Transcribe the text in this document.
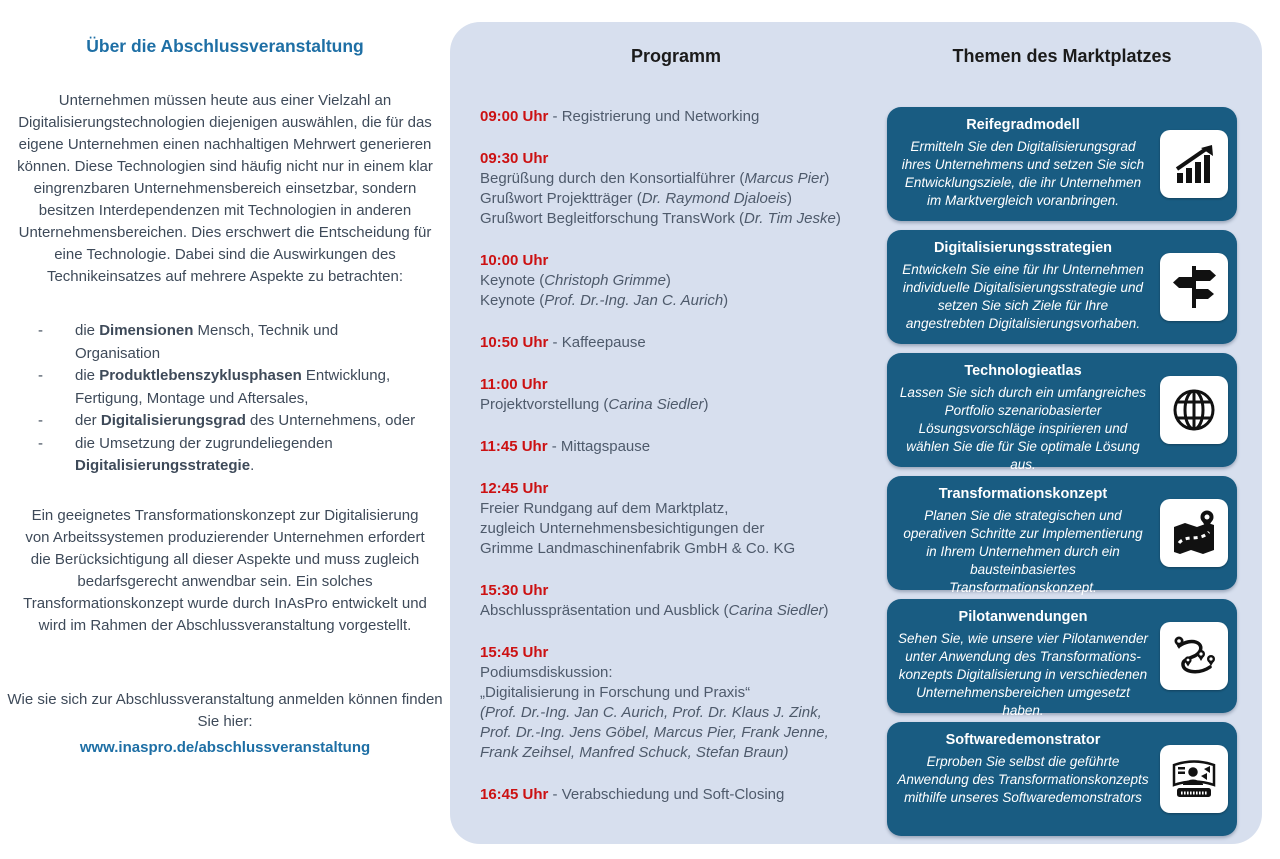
Über die Abschlussveranstaltung
Unternehmen müssen heute aus einer Vielzahl an Digitalisierungstechnologien diejenigen auswählen, die für das eigene Unternehmen einen nachhaltigen Mehrwert generieren können. Diese Technologien sind häufig nicht nur in einem klar eingrenzbaren Unternehmensbereich einsetzbar, sondern besitzen Interdependenzen mit Technologien in anderen Unternehmensbereichen. Dies erschwert die Entscheidung für eine Technologie. Dabei sind die Auswirkungen des Technikeinsatzes auf mehrere Aspekte zu betrachten:
-	die Dimensionen Mensch, Technik und Organisation
-	die Produktlebenszyklusphasen Entwicklung, Fertigung, Montage und Aftersales,
-	der Digitalisierungsgrad des Unternehmens, oder
-	die Umsetzung der zugrundeliegenden Digitalisierungsstrategie.
Ein geeignetes Transformationskonzept zur Digitalisierung von Arbeitssystemen produzierender Unternehmen erfordert die Berücksichtigung all dieser Aspekte und muss zugleich bedarfsgerecht anwendbar sein. Ein solches Transformationskonzept wurde durch InAsPro entwickelt und wird im Rahmen der Abschlussveranstaltung vorgestellt.
Wie sie sich zur Abschlussveranstaltung anmelden können finden Sie hier:
www.inaspro.de/abschlussveranstaltung
Programm
09:00 Uhr - Registrierung und Networking
09:30 Uhr
Begrüßung durch den Konsortialführer (Marcus Pier)
Grußwort Projektträger (Dr. Raymond Djaloeis)
Grußwort Begleitforschung TransWork (Dr. Tim Jeske)
10:00 Uhr
Keynote (Christoph Grimme)
Keynote (Prof. Dr.-Ing. Jan C. Aurich)
10:50 Uhr - Kaffeepause
11:00 Uhr
Projektvorstellung (Carina Siedler)
11:45 Uhr - Mittagspause
12:45 Uhr
Freier Rundgang auf dem Marktplatz,
zugleich Unternehmensbesichtigungen der
Grimme Landmaschinenfabrik GmbH & Co. KG
15:30 Uhr
Abschlusspräsentation und Ausblick (Carina Siedler)
15:45 Uhr
Podiumsdiskussion:
„Digitalisierung in Forschung und Praxis“
(Prof. Dr.-Ing. Jan C. Aurich, Prof. Dr. Klaus J. Zink,
Prof. Dr.-Ing. Jens Göbel, Marcus Pier, Frank Jenne,
Frank Zeihsel, Manfred Schuck, Stefan Braun)
16:45 Uhr - Verabschiedung und Soft-Closing
Themen des Marktplatzes
Reifegradmodell
Ermitteln Sie den Digitalisierungsgrad ihres Unternehmens und setzen Sie sich Entwicklungsziele, die ihr Unternehmen im Marktvergleich voranbringen.
Digitalisierungsstrategien
Entwickeln Sie eine für Ihr Unternehmen individuelle Digitalisierungsstrategie und setzen Sie sich Ziele für Ihre angestrebten Digitalisierungsvorhaben.
Technologieatlas
Lassen Sie sich durch ein umfangreiches Portfolio szenariobasierter Lösungsvorschläge inspirieren und wählen Sie die für Sie optimale Lösung aus.
Transformationskonzept
Planen Sie die strategischen und operativen Schritte zur Implementierung in Ihrem Unternehmen durch ein bausteinbasiertes Transformationskonzept.
Pilotanwendungen
Sehen Sie, wie unsere vier Pilotanwender unter Anwendung des Transformations-konzepts Digitalisierung in verschiedenen Unternehmensbereichen umgesetzt haben.
Softwaredemonstrator
Erproben Sie selbst die geführte Anwendung des Transformationskonzepts mithilfe unseres Softwaredemonstrators
